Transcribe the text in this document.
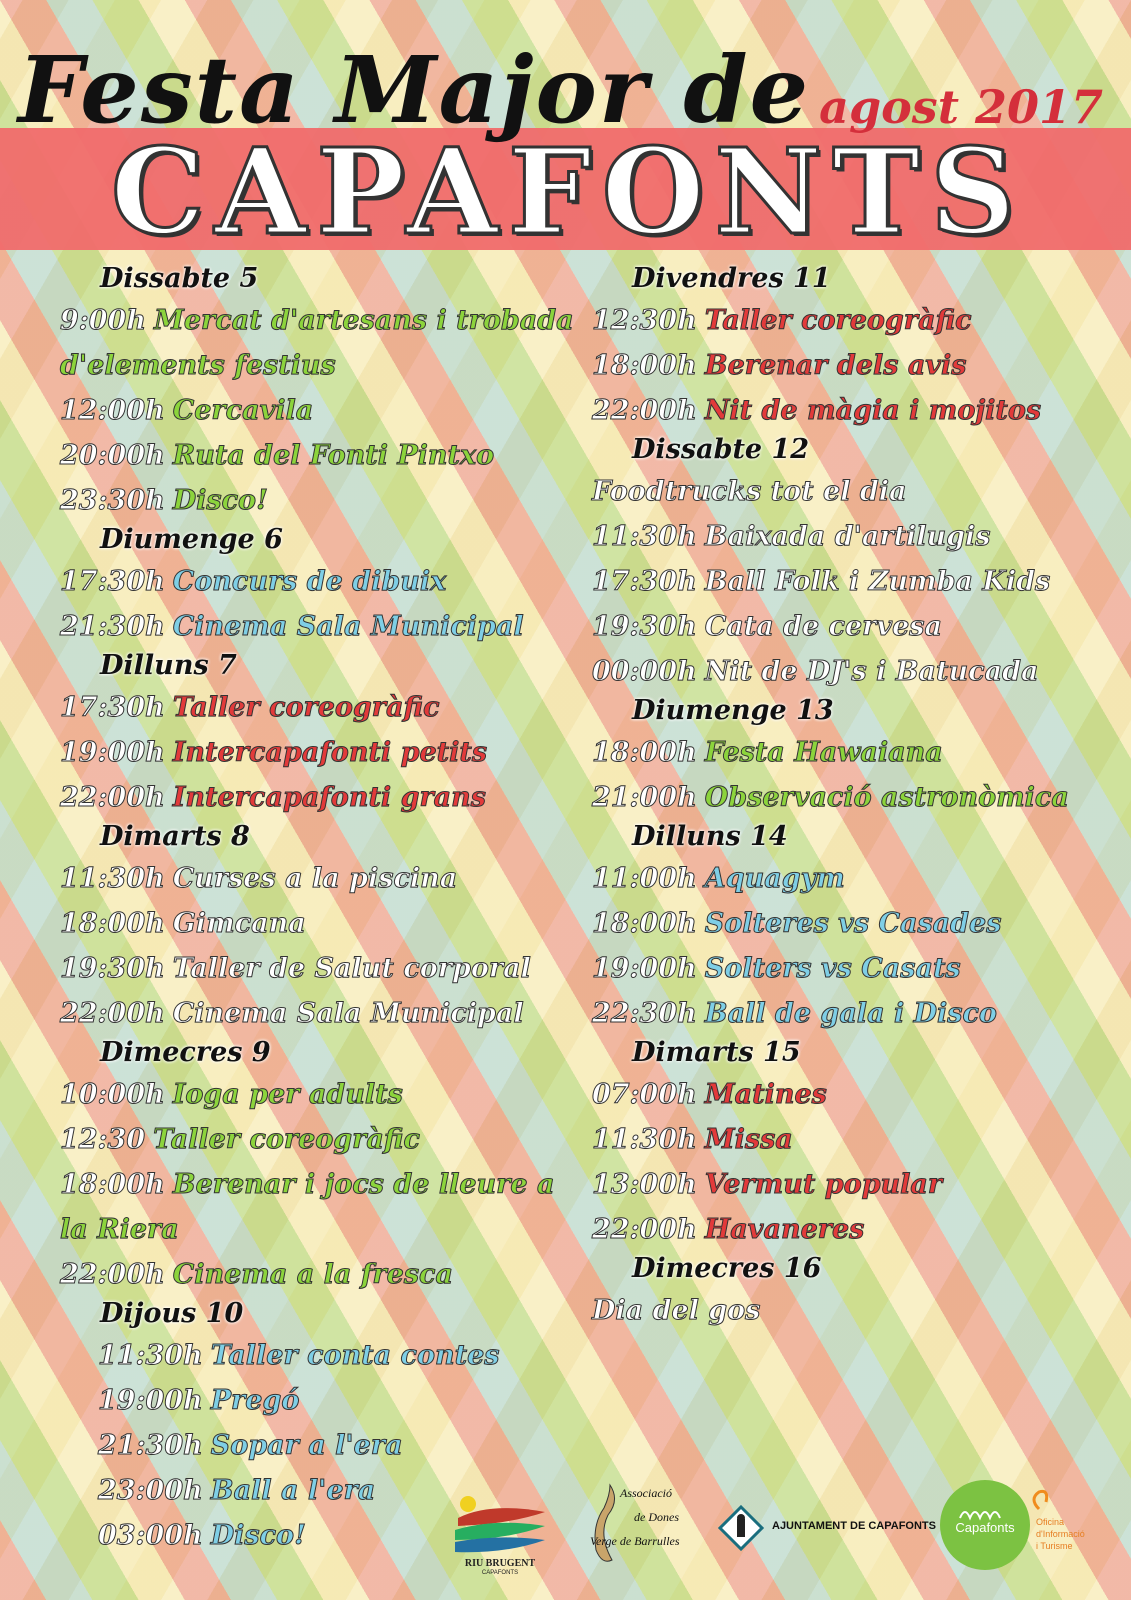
Festa Major de agost 2017
CAPAFONTS
Dissabte 5
9:00h Mercat d'artesans i trobada
d'elements festius
12:00h Cercavila
20:00h Ruta del Fonti Pintxo
23:30h Disco!
Diumenge 6
17:30h Concurs de dibuix
21:30h Cinema Sala Municipal
Dilluns 7
17:30h Taller coreogràfic
19:00h Intercapafonti petits
22:00h Intercapafonti grans
Dimarts 8
11:30h Curses a la piscina
18:00h Gimcana
19:30h Taller de Salut corporal
22:00h Cinema Sala Municipal
Dimecres 9
10:00h Ioga per adults
12:30 Taller coreogràfic
18:00h Berenar i jocs de lleure a
la Riera
22:00h Cinema a la fresca
Dijous 10
11:30h Taller conta contes
19:00h Pregó
21:30h Sopar a l'era
23:00h Ball a l'era
03:00h Disco!
Divendres 11
12:30h Taller coreogràfic
18:00h Berenar dels avis
22:00h Nit de màgia i mojitos
Dissabte 12
Foodtrucks tot el dia
11:30h Baixada d'artilugis
17:30h Ball Folk i Zumba Kids
19:30h Cata de cervesa
00:00h Nit de DJ's i Batucada
Diumenge 13
18:00h Festa Hawaiana
21:00h Observació astronòmica
Dilluns 14
11:00h Aquagym
18:00h Solteres vs Casades
19:00h Solters vs Casats
22:30h Ball de gala i Disco
Dimarts 15
07:00h Matines
11:30h Missa
13:00h Vermut popular
22:00h Havaneres
Dimecres 16
Dia del gos
RIU BRUGENT
CAPAFONTS
Associació
de Dones
Verge de Barrulles
AJUNTAMENT DE CAPAFONTS	Capafonts	Oficina
d'Informació
i Turisme
